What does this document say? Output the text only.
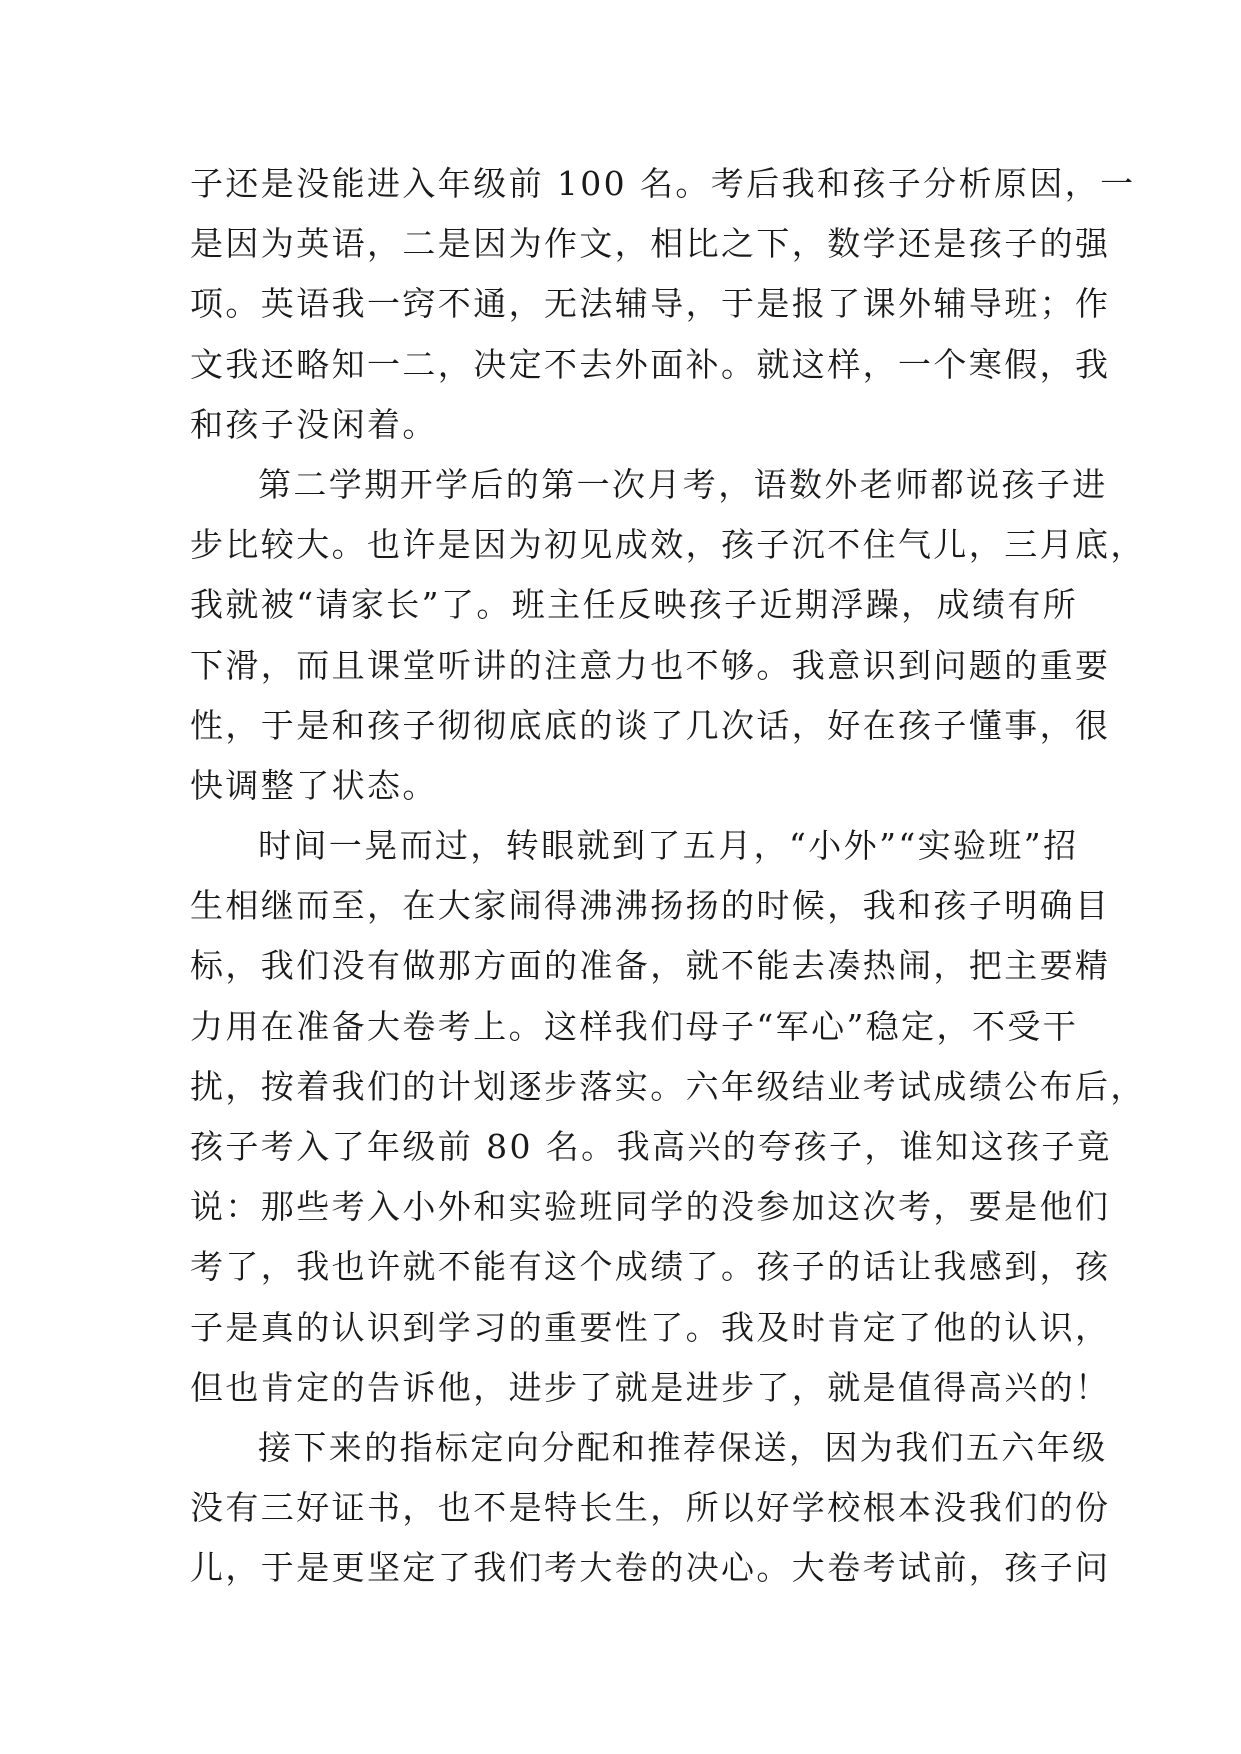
子还是没能进入年级前 100 名。考后我和孩子分析原因，一
是因为英语，二是因为作文，相比之下，数学还是孩子的强
项。英语我一窍不通，无法辅导，于是报了课外辅导班；作
文我还略知一二，决定不去外面补。就这样，一个寒假，我
和孩子没闲着。
第二学期开学后的第一次月考，语数外老师都说孩子进
步比较大。也许是因为初见成效，孩子沉不住气儿，三月底，
我就被“请家长”了。班主任反映孩子近期浮躁，成绩有所
下滑，而且课堂听讲的注意力也不够。我意识到问题的重要
性，于是和孩子彻彻底底的谈了几次话，好在孩子懂事，很
快调整了状态。
时间一晃而过，转眼就到了五月，“小外”“实验班”招
生相继而至，在大家闹得沸沸扬扬的时候，我和孩子明确目
标，我们没有做那方面的准备，就不能去凑热闹，把主要精
力用在准备大卷考上。这样我们母子“军心”稳定，不受干
扰，按着我们的计划逐步落实。六年级结业考试成绩公布后，
孩子考入了年级前 80 名。我高兴的夸孩子，谁知这孩子竟
说：那些考入小外和实验班同学的没参加这次考，要是他们
考了，我也许就不能有这个成绩了。孩子的话让我感到，孩
子是真的认识到学习的重要性了。我及时肯定了他的认识，
但也肯定的告诉他，进步了就是进步了，就是值得高兴的！
接下来的指标定向分配和推荐保送，因为我们五六年级
没有三好证书，也不是特长生，所以好学校根本没我们的份
儿，于是更坚定了我们考大卷的决心。大卷考试前，孩子问
